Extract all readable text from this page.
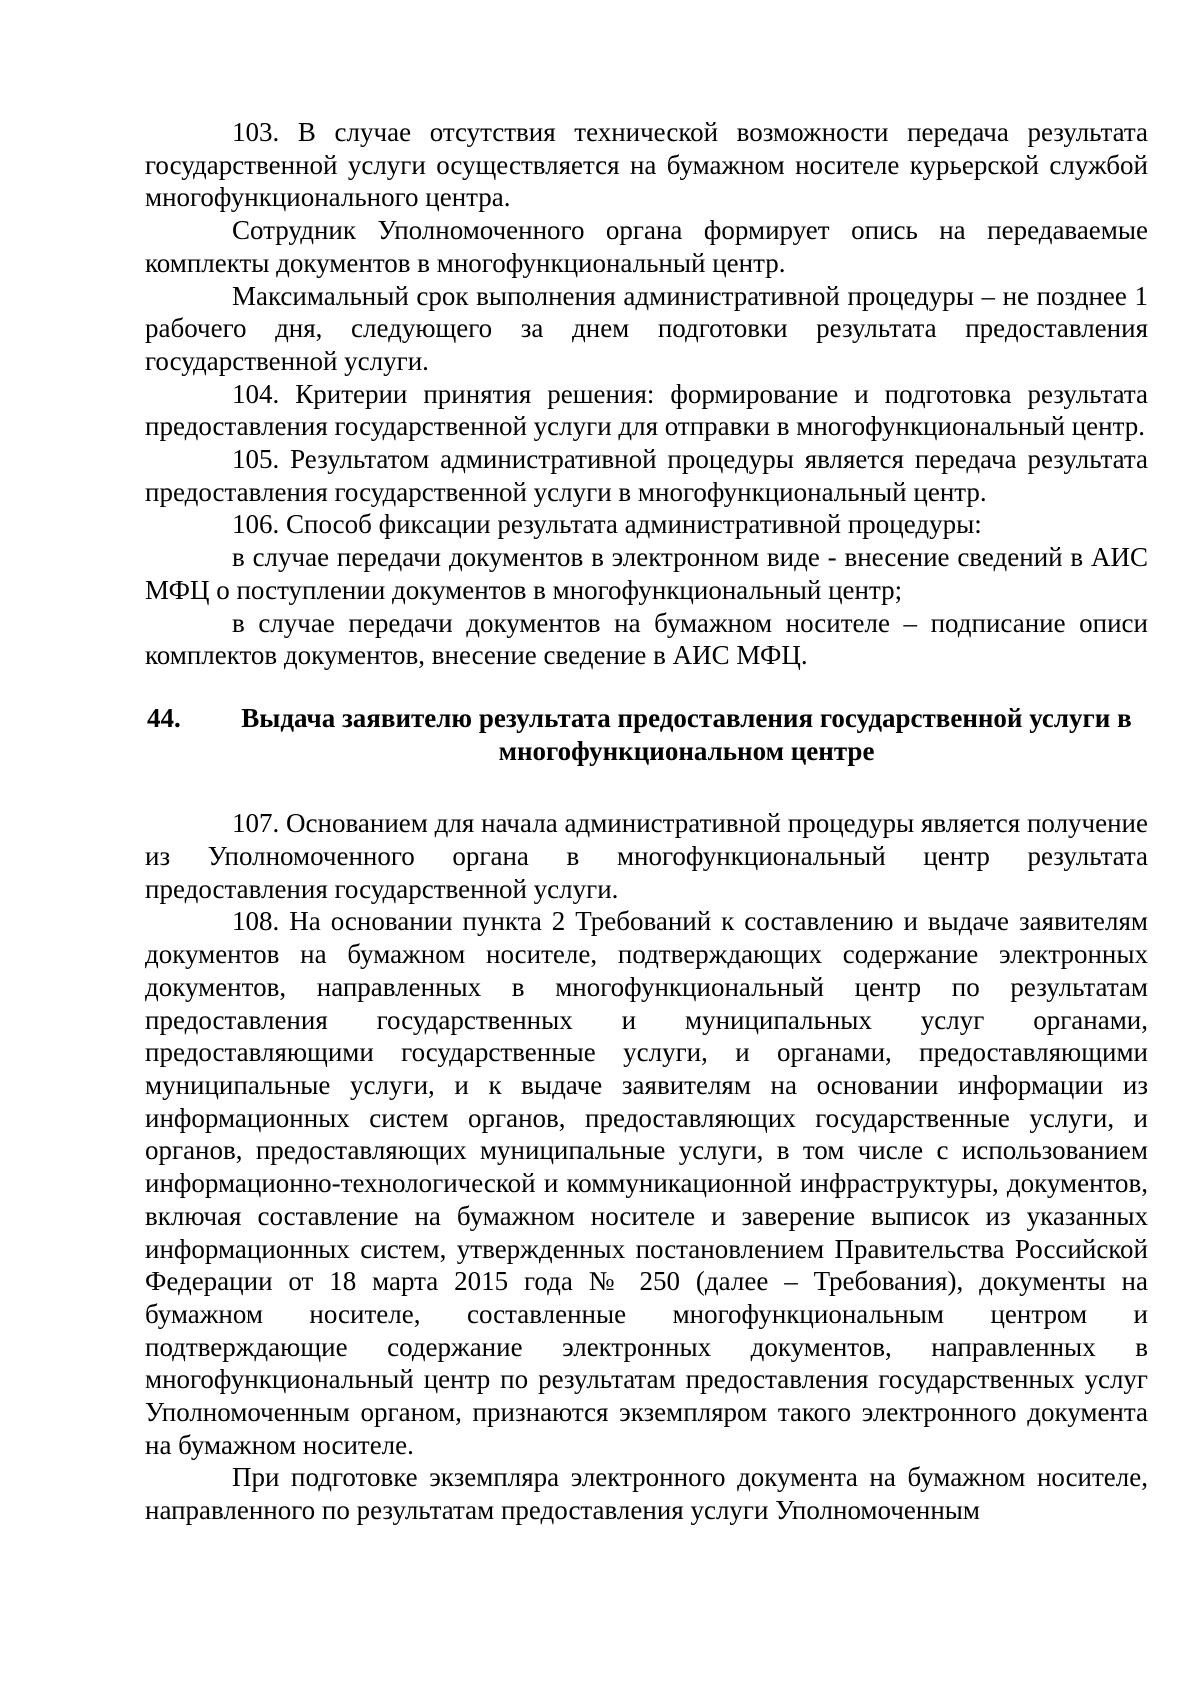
103. В случае отсутствия технической возможности передача результата государственной услуги осуществляется на бумажном носителе курьерской службой многофункционального центра.

Сотрудник Уполномоченного органа формирует опись на передаваемые комплекты документов в многофункциональный центр.

Максимальный срок выполнения административной процедуры – не позднее 1 рабочего дня, следующего за днем подготовки результата предоставления государственной услуги.

104. Критерии принятия решения: формирование и подготовка результата предоставления государственной услуги для отправки в многофункциональный центр.

105. Результатом административной процедуры является передача результата предоставления государственной услуги в многофункциональный центр.

106. Способ фиксации результата административной процедуры:

в случае передачи документов в электронном виде - внесение сведений в АИС МФЦ о поступлении документов в многофункциональный центр;

в случае передачи документов на бумажном носителе – подписание описи комплектов документов, внесение сведение в АИС МФЦ.

44.	Выдача заявителю результата предоставления государственной услуги в многофункциональном центре

107. Основанием для начала административной процедуры является получение из Уполномоченного органа в многофункциональный центр результата предоставления государственной услуги.

108. На основании пункта 2 Требований к составлению и выдаче заявителям документов на бумажном носителе, подтверждающих содержание электронных документов, направленных в многофункциональный центр по результатам предоставления государственных и муниципальных услуг органами, предоставляющими государственные услуги, и органами, предоставляющими муниципальные услуги, и к выдаче заявителям на основании информации из информационных систем органов, предоставляющих государственные услуги, и органов, предоставляющих муниципальные услуги, в том числе с использованием информационно-технологической и коммуникационной инфраструктуры, документов, включая составление на бумажном носителе и заверение выписок из указанных информационных систем, утвержденных постановлением Правительства Российской Федерации от 18 марта 2015 года № 250 (далее – Требования), документы на бумажном носителе, составленные многофункциональным центром и подтверждающие содержание электронных документов, направленных в многофункциональный центр по результатам предоставления государственных услуг Уполномоченным органом, признаются экземпляром такого электронного документа на бумажном носителе.

При подготовке экземпляра электронного документа на бумажном носителе, направленного по результатам предоставления услуги Уполномоченным
